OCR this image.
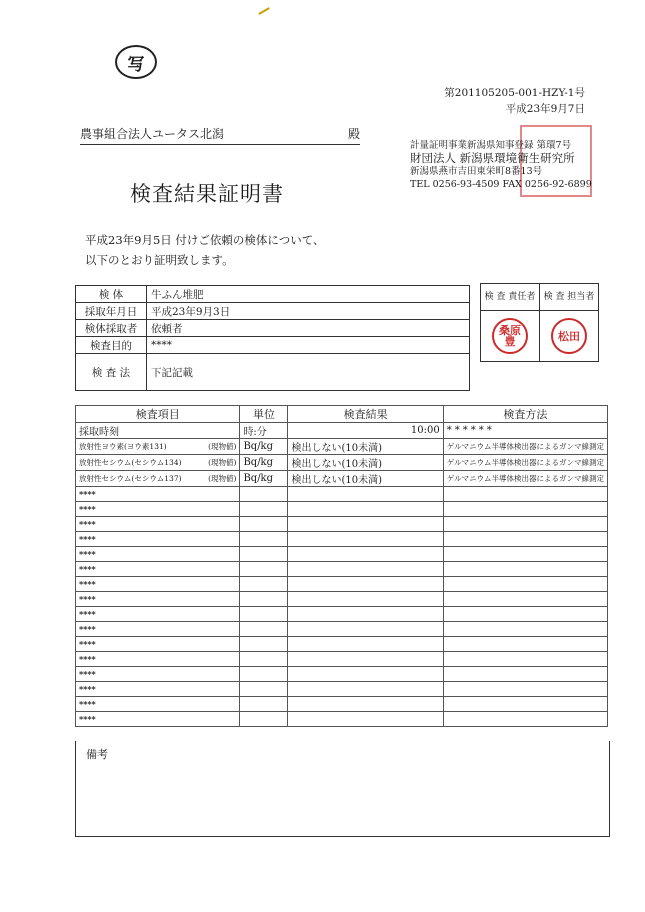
写
第201105205-001-HZY-1号
平成23年9月7日
農事組合法人ユータス北潟	殿
計量証明事業新潟県知事登録 第環7号
財団法人 新潟県環境衛生研究所
新潟県燕市吉田東栄町8番13号
TEL 0256-93-4509 FAX 0256-92-6899
検査結果証明書
平成23年9月5日 付けご依頼の検体について、
以下のとおり証明致します。
検 体	牛ふん堆肥
採取年月日	平成23年9月3日
検体採取者	依頼者
検査目的	****
検 査 法	下記記載
検 査 責任者	検 査 担当者
桑原 豊	松田
検査項目	単位	検査結果	検査方法
採取時刻	時:分	10:00	******
放射性ヨウ素(ヨウ素131) (現物値)	Bq/kg	検出しない(10未満)	ゲルマニウム半導体検出器によるガンマ線測定
放射性セシウム(セシウム134) (現物値)	Bq/kg	検出しない(10未満)	ゲルマニウム半導体検出器によるガンマ線測定
放射性セシウム(セシウム137) (現物値)	Bq/kg	検出しない(10未満)	ゲルマニウム半導体検出器によるガンマ線測定
****			
****			
****			
****			
****			
****			
****			
****			
****			
****			
****			
****			
****			
****			
****			
****			
備考
